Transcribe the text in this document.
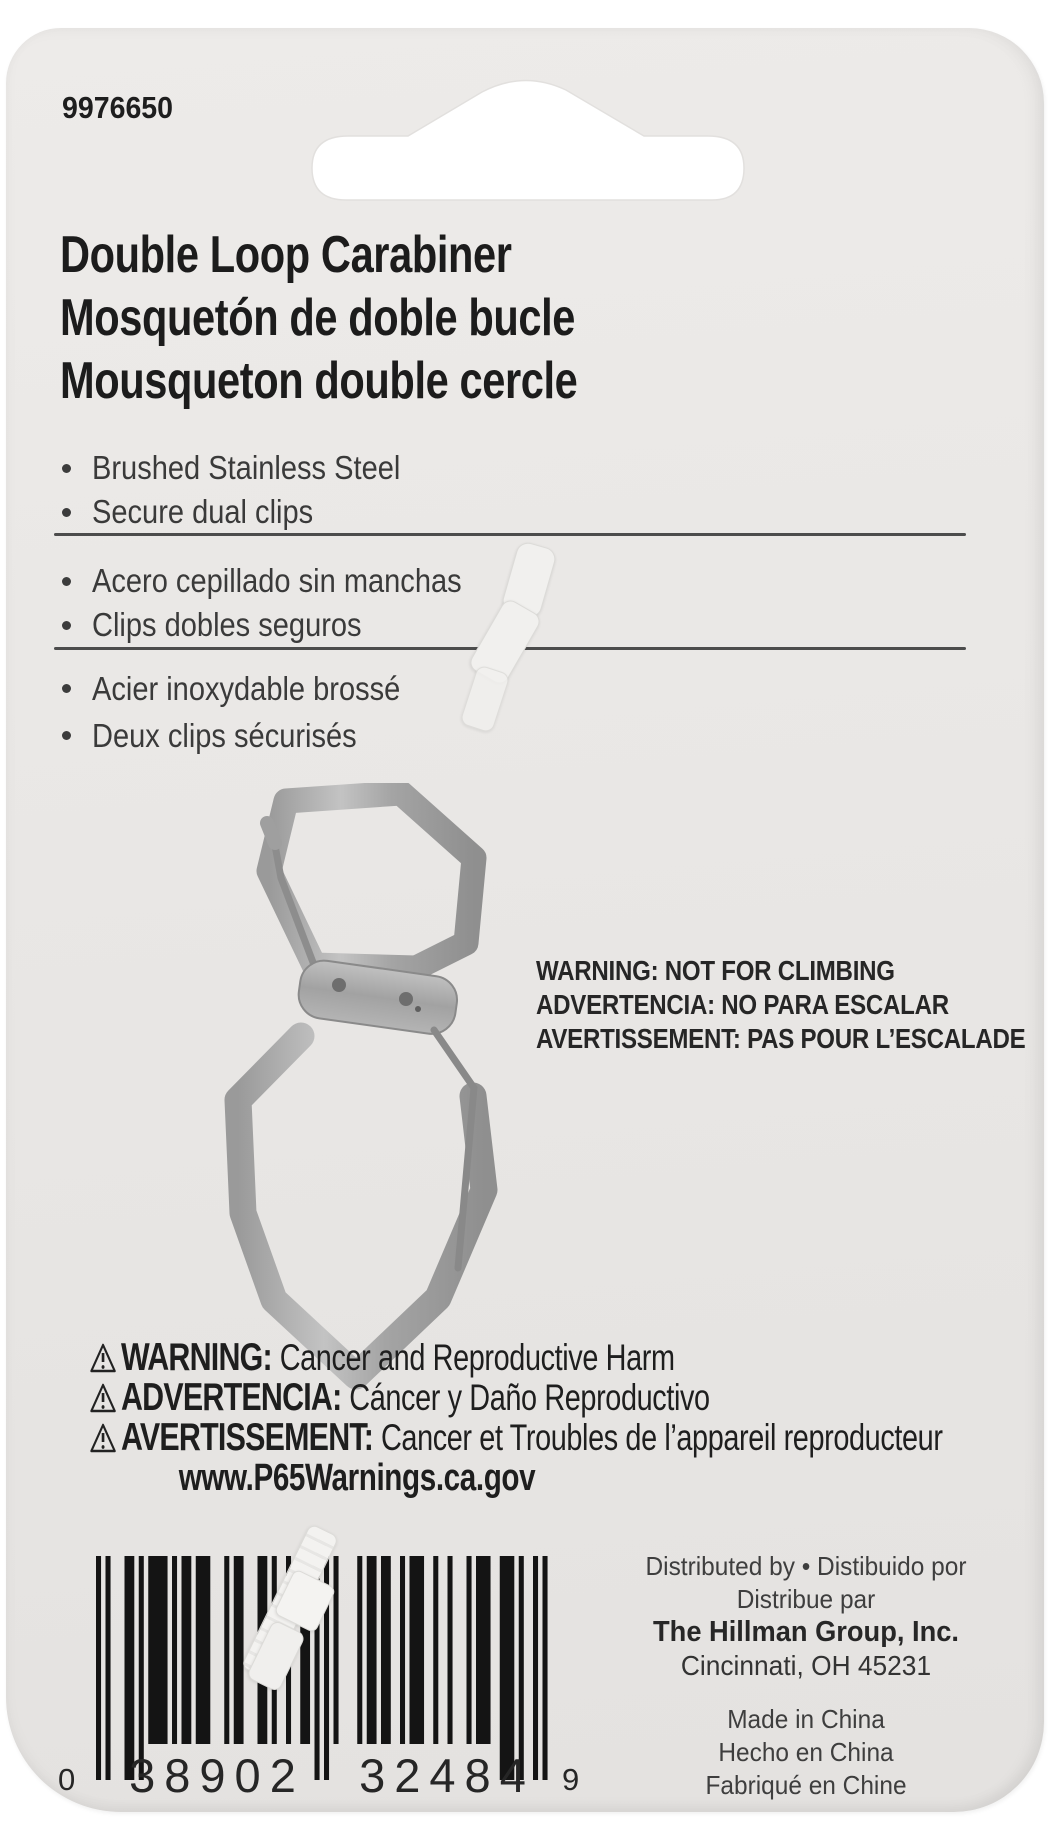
9976650
Double Loop Carabiner
Mosquetón de doble bucle
Mousqueton double cercle
Brushed Stainless Steel
Secure dual clips
Acero cepillado sin manchas
Clips dobles seguros
Acier inoxydable brossé
Deux clips sécurisés
WARNING: NOT FOR CLIMBING
ADVERTENCIA: NO PARA ESCALAR
AVERTISSEMENT: PAS POUR L’ESCALADE
WARNING: Cancer and Reproductive Harm
ADVERTENCIA: Cáncer y Daño Reproductivo
AVERTISSEMENT: Cancer et Troubles de l’appareil reproducteur
www.P65Warnings.ca.gov
0	38902	32484 9
Distributed by • Distibuido por
Distribue par
The Hillman Group, Inc.
Cincinnati, OH 45231
Made in China
Hecho en China
Fabriqué en Chine
